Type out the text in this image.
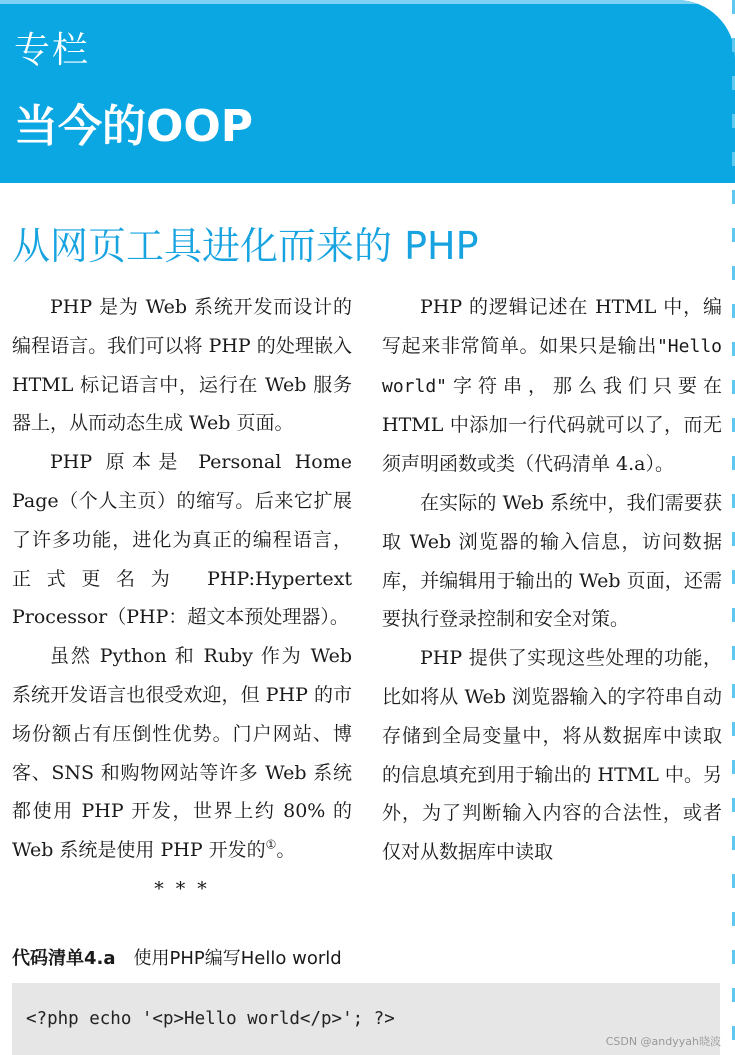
专栏
当今的OOP
从网页工具进化而来的 PHP

PHP 是为 Web 系统开发而设计的编程语言。我们可以将 PHP 的处理嵌入 HTML 标记语言中，运行在 Web 服务器上，从而动态生成 Web 页面。

PHP 原本是 Personal Home Page（个人主页）的缩写。后来它扩展了许多功能，进化为真正的编程语言，正式更名为 PHP:Hypertext Processor（PHP：超文本预处理器）。

虽然 Python 和 Ruby 作为 Web 系统开发语言也很受欢迎，但 PHP 的市场份额占有压倒性优势。门户网站、博客、SNS 和购物网站等许多 Web 系统都使用 PHP 开发，世界上约 80% 的 Web 系统是使用 PHP 开发的①。

* * *

PHP 的逻辑记述在 HTML 中，编写起来非常简单。如果只是输出"Hello world"字符串，那么我们只要在 HTML 中添加一行代码就可以了，而无须声明函数或类（代码清单 4.a）。

在实际的 Web 系统中，我们需要获取 Web 浏览器的输入信息，访问数据库，并编辑用于输出的 Web 页面，还需要执行登录控制和安全对策。

PHP 提供了实现这些处理的功能，比如将从 Web 浏览器输入的字符串自动存储到全局变量中，将从数据库中读取的信息填充到用于输出的 HTML 中。另外，为了判断输入内容的合法性，或者仅对从数据库中读取

代码清单4.a 使用PHP编写Hello world
<?php echo '<p>Hello world</p>'; ?>
CSDN @andyyah晓波
